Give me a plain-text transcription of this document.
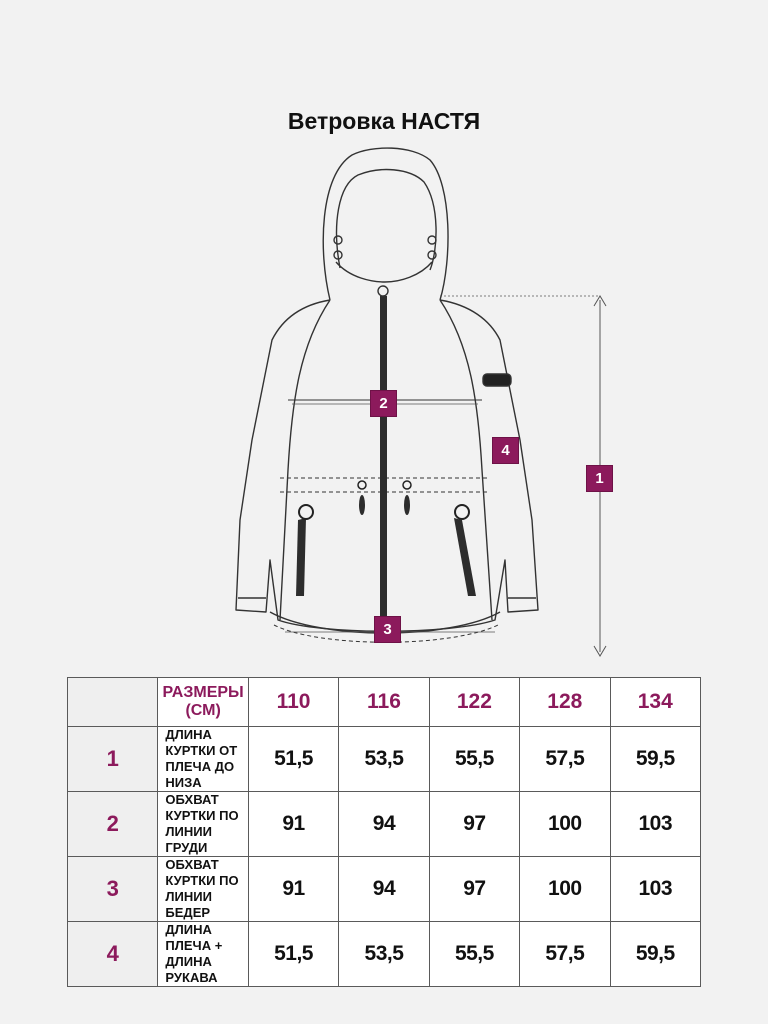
Ветровка НАСТЯ
2
4
1
3
	РАЗМЕРЫ (СМ)	110	116	122	128	134
1	ДЛИНА КУРТКИ ОТ ПЛЕЧА ДО НИЗА	51,5	53,5	55,5	57,5	59,5
2	ОБХВАТ КУРТКИ ПО ЛИНИИ ГРУДИ	91	94	97	100	103
3	ОБХВАТ КУРТКИ ПО ЛИНИИ БЕДЕР	91	94	97	100	103
4	ДЛИНА ПЛЕЧА + ДЛИНА РУКАВА	51,5	53,5	55,5	57,5	59,5
